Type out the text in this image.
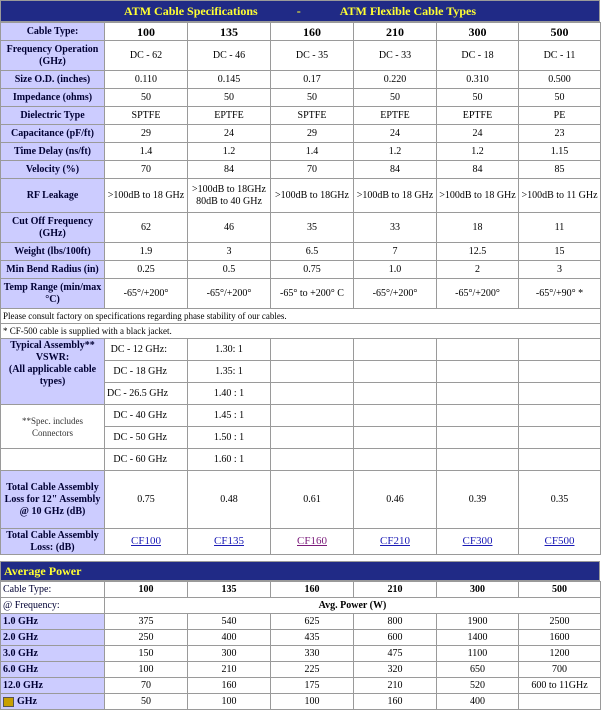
ATM Cable Specifications	-	ATM Flexible Cable Types
Cable Type:	100	135	160	210	300	500
Frequency Operation (GHz)	DC - 62	DC - 46	DC - 35	DC - 33	DC - 18	DC - 11
Size O.D. (inches)	0.110	0.145	0.17	0.220	0.310	0.500
Impedance (ohms)	50	50	50	50	50	50
Dielectric Type	SPTFE	EPTFE	SPTFE	EPTFE	EPTFE	PE
Capacitance (pF/ft)	29	24	29	24	24	23
Time Delay (ns/ft)	1.4	1.2	1.4	1.2	1.2	1.15
Velocity (%)	70	84	70	84	84	85
RF Leakage	>100dB to 18 GHz	>100dB to 18GHz 80dB to 40 GHz	>100dB to 18GHz	>100dB to 18 GHz	>100dB to 18 GHz	>100dB to 11 GHz
Cut Off Frequency (GHz)	62	46	35	33	18	11
Weight (lbs/100ft)	1.9	3	6.5	7	12.5	15
Min Bend Radius (in)	0.25	0.5	0.75	1.0	2	3
Temp Range (min/max °C)	-65°/+200°	-65°/+200°	-65° to +200° C	-65°/+200°	-65°/+200°	-65°/+90° *
Please consult factory on specifications regarding phase stability of our cables.						
* CF-500 cable is supplied with a black jacket.						

Typical Assembly** VSWR:
(All applicable cable types)	DC - 12 GHz:	1.30: 1				
	DC - 18 GHz	1.35: 1				
	DC - 26.5 GHz	1.40 : 1				
**Spec. includes Connectors	DC - 40 GHz	1.45 : 1				
	DC - 50 GHz	1.50 : 1				
	DC - 60 GHz	1.60 : 1				
Total Cable Assembly Loss for 12" Assembly @ 10 GHz (dB)	0.75	0.48	0.61	0.46	0.39	0.35
Total Cable Assembly Loss: (dB)	CF100	CF135	CF160	CF210	CF300	CF500
Average Power
Cable Type:	100	135	160	210	300	500
@ Frequency:	Avg. Power (W)					
1.0 GHz	375	540	625	800	1900	2500
2.0 GHz	250	400	435	600	1400	1600
3.0 GHz	150	300	330	475	1100	1200
6.0 GHz	100	210	225	320	650	700
12.0 GHz	70	160	175	210	520	600 to 11GHz
GHz	50	100	100	160	400	
